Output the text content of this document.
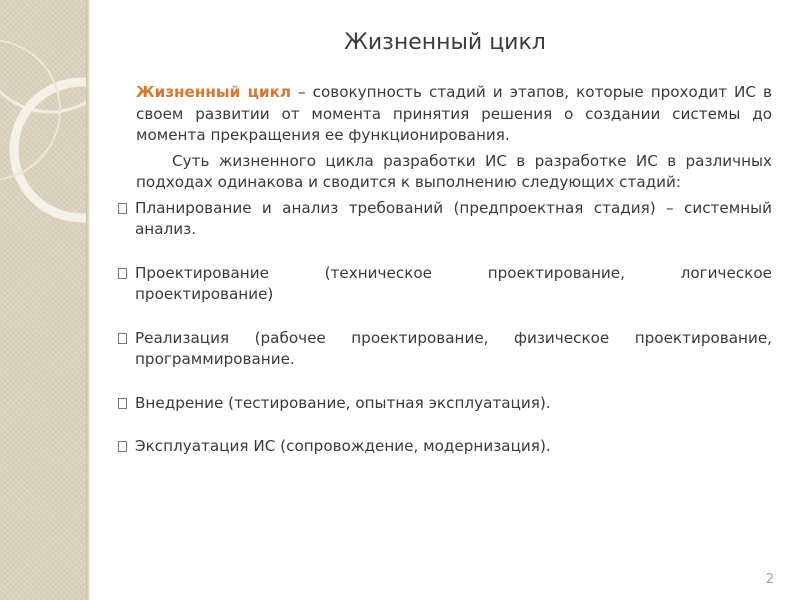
Жизненный цикл

Жизненный цикл – совокупность стадий и этапов, которые проходит ИС в своем развитии от момента принятия решения о создании системы до момента прекращения ее функционирования.

Суть жизненного цикла разработки ИС в разработке ИС в различных подходах одинакова и сводится к выполнению следующих стадий:

Планирование и анализ требований (предпроектная стадия) – системный анализ.
Проектирование (техническое проектирование, логическое
проектирование)
Реализация (рабочее проектирование, физическое проектирование,
программирование.
Внедрение (тестирование, опытная эксплуатация).
Эксплуатация ИС (сопровождение, модернизация).
2
